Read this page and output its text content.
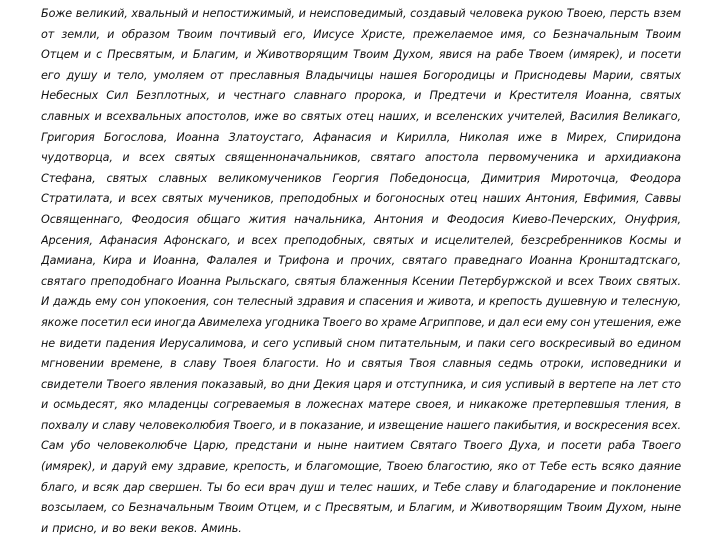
Боже великий, хвальный и непостижимый, и неисповедимый, создавый человека рукою Твоею, персть взем
от земли, и образом Твоим почтивый его, Иисусе Христе, прежелаемое имя, со Безначальным Твоим
Отцем и с Пресвятым, и Благим, и Животворящим Твоим Духом, явися на рабе Твоем (имярек), и посети
его душу и тело, умоляем от преславныя Владычицы нашея Богородицы и Приснодевы Марии, святых
Небесных Сил Безплотных, и честнаго славнаго пророка, и Предтечи и Крестителя Иоанна, святых
славных и всехвальных апостолов, иже во святых отец наших, и вселенских учителей, Василия Великаго,
Григория Богослова, Иоанна Златоустаго, Афанасия и Кирилла, Николая иже в Мирех, Спиридона
чудотворца, и всех святых священноначальников, святаго апостола первомученика и архидиакона
Стефана, святых славных великомучеников Георгия Победоносца, Димитрия Мироточца, Феодора
Стратилата, и всех святых мучеников, преподобных и богоносных отец наших Антония, Евфимия, Саввы
Освященнаго, Феодосия общаго жития начальника, Антония и Феодосия Киево-Печерских, Онуфрия,
Арсения, Афанасия Афонскаго, и всех преподобных, святых и исцелителей, безсребренников Космы и
Дамиана, Кира и Иоанна, Фалалея и Трифона и прочих, святаго праведнаго Иоанна Кронштадтскаго,
святаго преподобнаго Иоанна Рыльскаго, святыя блаженныя Ксении Петербуржской и всех Твоих святых.
И даждь ему сон упокоения, сон телесный здравия и спасения и живота, и крепость душевную и телесную,
якоже посетил еси иногда Авимелеха угодника Твоего во храме Агриппове, и дал еси ему сон утешения, еже
не видети падения Иерусалимова, и сего успивый сном питательным, и паки сего воскресивый во едином
мгновении времене, в славу Твоея благости. Но и святыя Твоя славныя седмь отроки, исповедники и
свидетели Твоего явления показавый, во дни Декия царя и отступника, и сия успивый в вертепе на лет сто
и осмьдесят, яко младенцы согреваемыя в ложеснах матере своея, и никакоже претерпевшыя тления, в
похвалу и славу человеколюбия Твоего, и в показание, и извещение нашего пакибытия, и воскресения всех.
Сам убо человеколюбче Царю, предстани и ныне наитием Святаго Твоего Духа, и посети раба Твоего
(имярек), и даруй ему здравие, крепость, и благомощие, Твоею благостию, яко от Тебе есть всяко даяние
благо, и всяк дар свершен. Ты бо еси врач душ и телес наших, и Тебе славу и благодарение и поклонение
возсылаем, со Безначальным Твоим Отцем, и с Пресвятым, и Благим, и Животворящим Твоим Духом, ныне
и присно, и во веки веков. Аминь.
